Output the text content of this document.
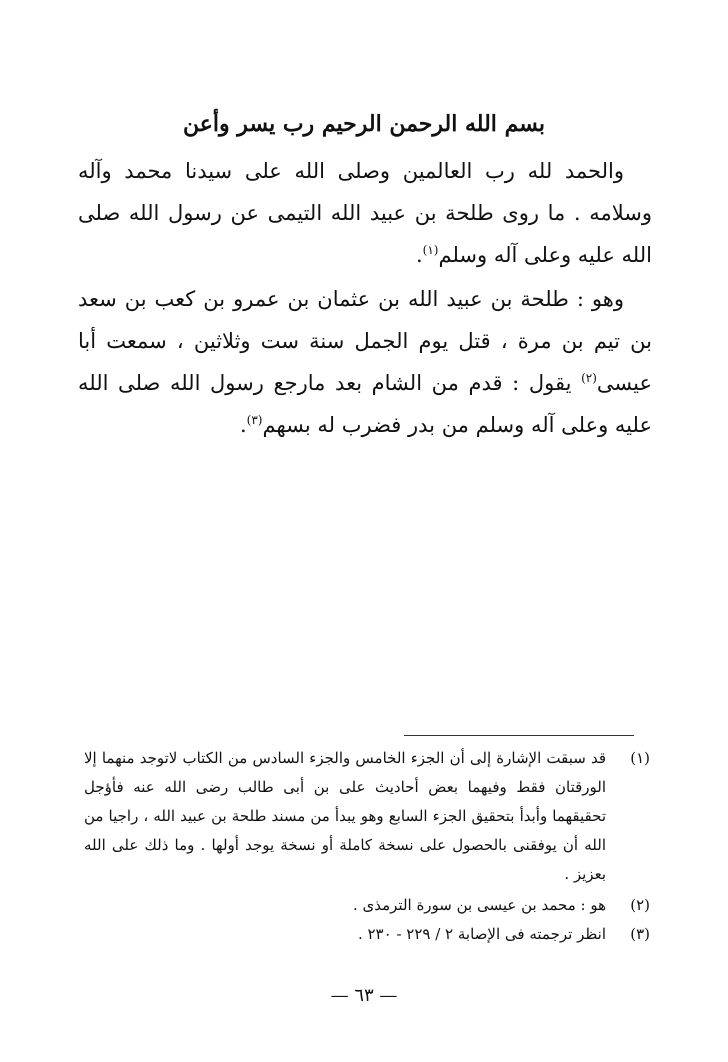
بسم الله الرحمن الرحيم رب يسر وأعن

والحمد لله رب العالمين وصلى الله على سيدنا محمد وآله وسلامه . ما روى طلحة بن عبيد الله التيمى عن رسول الله صلى الله عليه وعلى آله وسلم$^{(١)}$.

وهو : طلحة بن عبيد الله بن عثمان بن عمرو بن كعب بن سعد بن تيم بن مرة ، قتل يوم الجمل سنة ست وثلاثين ، سمعت أبا عيسى$^{(٢)}$ يقول : قدم من الشام بعد مارجع رسول الله صلى الله عليه وعلى آله وسلم من بدر فضرب له بسهم$^{(٣)}$.

(١)
قد سبقت الإشارة إلى أن الجزء الخامس والجزء السادس من الكتاب لاتوجد منهما إلا الورقتان فقط وفيهما بعض أحاديث على بن أبى طالب رضى الله عنه فأؤجل تحقيقهما وأبدأ بتحقيق الجزء السابع وهو يبدأ من مسند طلحة بن عبيد الله ، راجيا من الله أن يوفقنى بالحصول على نسخة كاملة أو نسخة يوجد أولها . وما ذلك على الله بعزيز .
(٢)
هو : محمد بن عيسى بن سورة الترمذى .
(٣)
انظر ترجمته فى الإصابة ٢ / ٢٢٩ - ٢٣٠ .
— ٦٣ —
